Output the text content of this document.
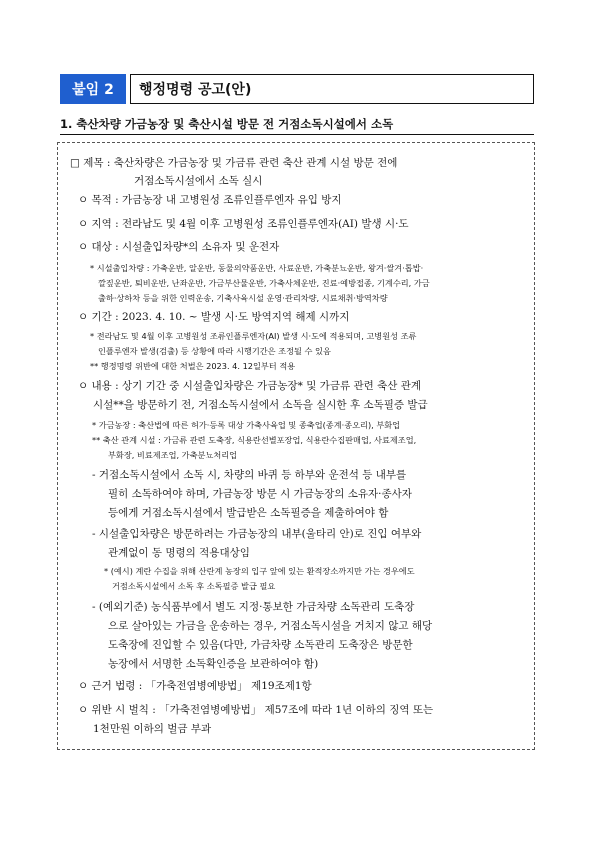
붙임 2	행정명령 공고(안)
1. 축산차량 가금농장 및 축산시설 방문 전 거점소독시설에서 소독
□ 제목 : 축산차량은 가금농장 및 가금류 관련 축산 관계 시설 방문 전에
거점소독시설에서 소독 실시
ㅇ 목적 : 가금농장 내 고병원성 조류인플루엔자 유입 방지
ㅇ 지역 : 전라남도 및 4월 이후 고병원성 조류인플루엔자(AI) 발생 시·도
ㅇ 대상 : 시설출입차량*의 소유자 및 운전자
* 시설출입차량 : 가축운반, 알운반, 동물의약품운반, 사료운반, 가축분뇨운반, 왕겨·쌀겨·톱밥·
깔짚운반, 퇴비운반, 난좌운반, 가금부산물운반, 가축사체운반, 진료·예방접종, 기계수리, 가금
출하·상하차 등을 위한 인력운송, 기축사육시설 운영·관리차량, 시료채취·방역차량
ㅇ 기간 : 2023. 4. 10. ~ 발생 시·도 방역지역 해제 시까지
* 전라남도 및 4월 이후 고병원성 조류인플루엔자(AI) 발생 시·도에 적용되며, 고병원성 조류
인플루엔자 발생(검출) 등 상황에 따라 시행기간은 조정될 수 있음
** 행정명령 위반에 대한 처벌은 2023. 4. 12일부터 적용
ㅇ 내용 : 상기 기간 중 시설출입차량은 가금농장* 및 가금류 관련 축산 관계
시설**을 방문하기 전, 거점소독시설에서 소독을 실시한 후 소독필증 발급
* 가금농장 : 축산법에 따른 허가·등록 대상 가축사육업 및 종축업(종계·종오리), 부화업
** 축산 관계 시설 : 가금류 관련 도축장, 식용란선별포장업, 식용란수집판매업, 사료제조업,
부화장, 비료제조업, 가축분뇨처리업
- 거점소독시설에서 소독 시, 차량의 바퀴 등 하부와 운전석 등 내부를
필히 소독하여야 하며, 가금농장 방문 시 가금농장의 소유자·종사자
등에게 거점소독시설에서 발급받은 소독필증을 제출하여야 함
- 시설출입차량은 방문하려는 가금농장의 내부(울타리 안)로 진입 여부와
관계없이 동 명령의 적용대상임
* (예시) 계란 수집을 위해 산란계 농장의 입구 앞에 있는 환적장소까지만 가는 경우에도
거점소독시설에서 소독 후 소독필증 발급 필요
- (예외기준) 농식품부에서 별도 지정·통보한 가금차량 소독관리 도축장
으로 살아있는 가금을 운송하는 경우, 거점소독시설을 거치지 않고 해당
도축장에 진입할 수 있음(다만, 가금차량 소독관리 도축장은 방문한
농장에서 서명한 소독확인증을 보관하여야 함)
ㅇ 근거 법령 : 「가축전염병예방법」 제19조제1항
ㅇ 위반 시 벌칙 : 「가축전염병예방법」 제57조에 따라 1년 이하의 징역 또는
1천만원 이하의 벌금 부과
